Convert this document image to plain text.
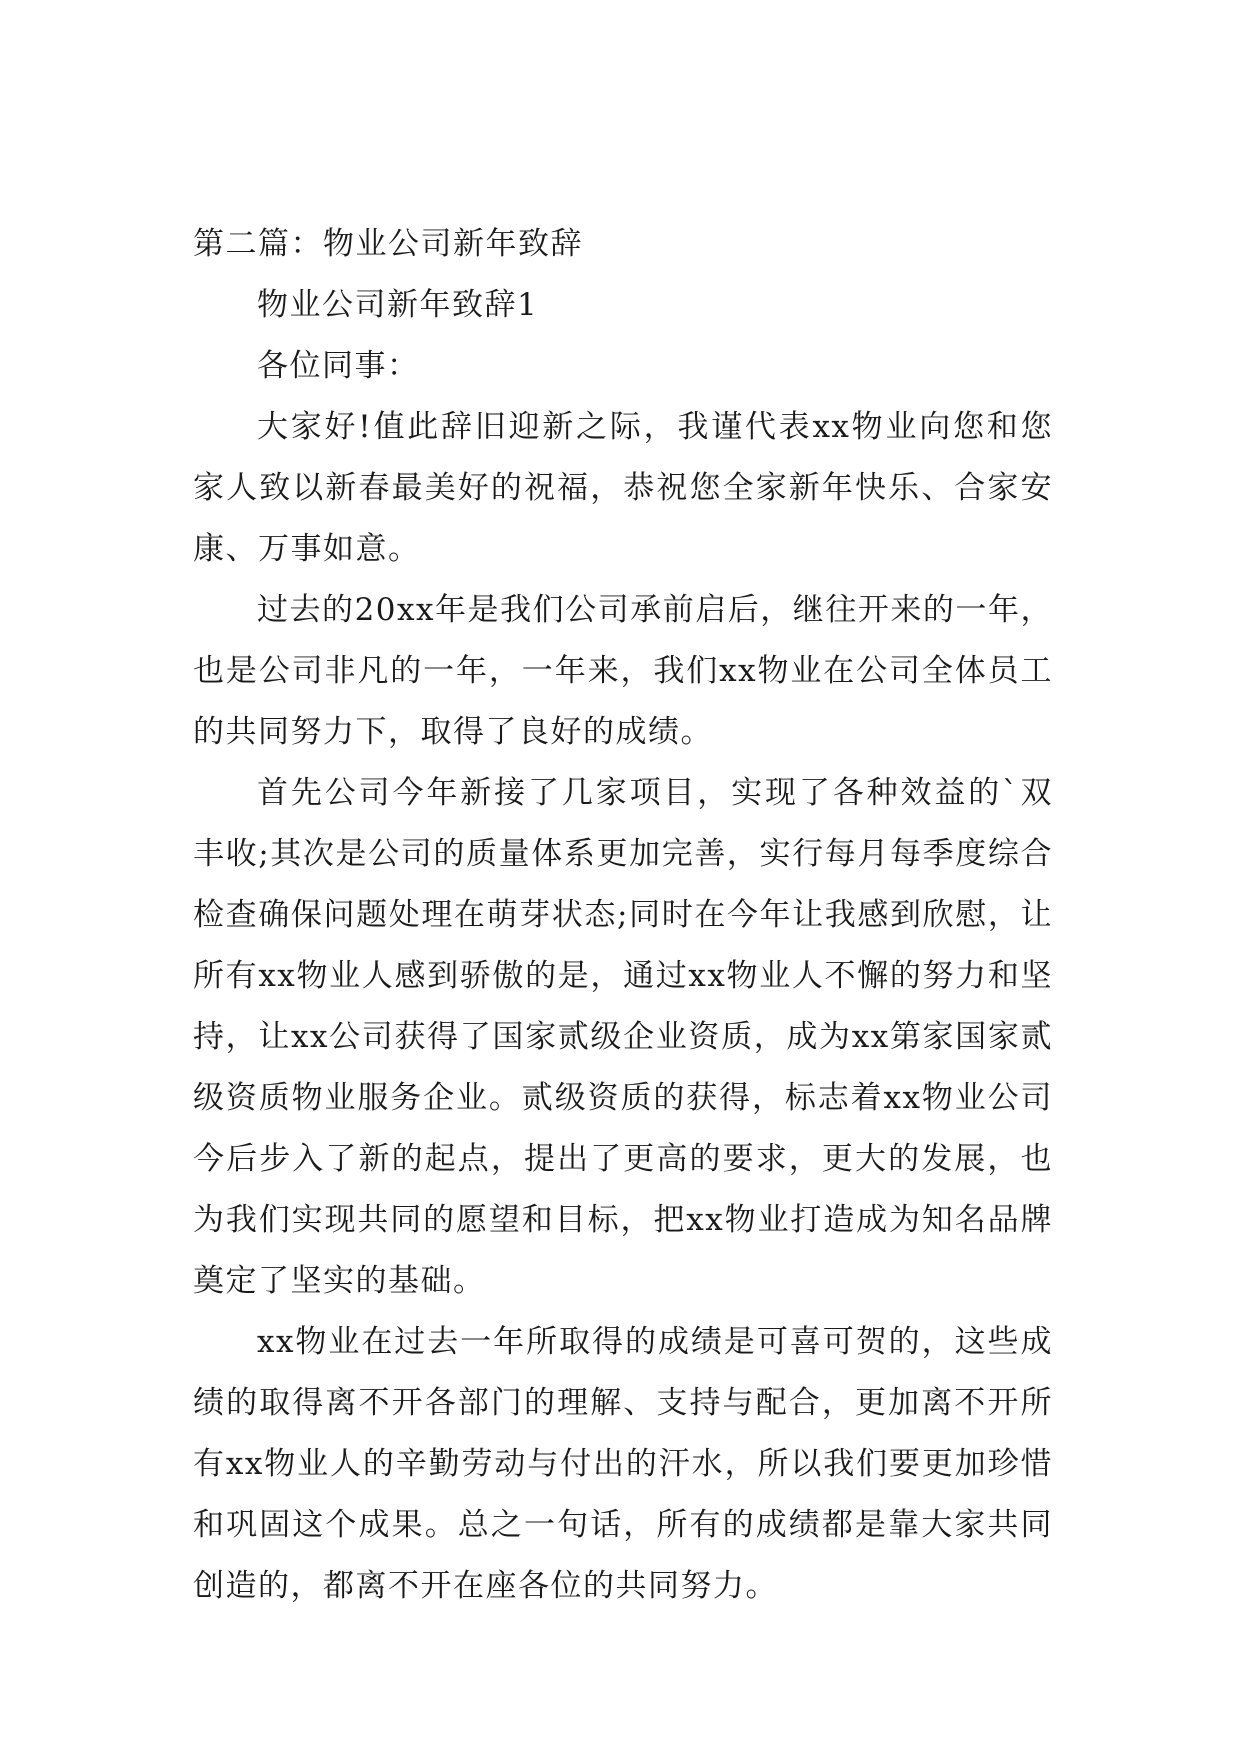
第二篇：物业公司新年致辞

物业公司新年致辞1

各位同事：

大家好!值此辞旧迎新之际，我谨代表xx物业向您和您家人致以新春最美好的祝福，恭祝您全家新年快乐、合家安康、万事如意。

过去的20xx年是我们公司承前启后，继往开来的一年，也是公司非凡的一年，一年来，我们xx物业在公司全体员工的共同努力下，取得了良好的成绩。

首先公司今年新接了几家项目，实现了各种效益的`双丰收;其次是公司的质量体系更加完善，实行每月每季度综合检查确保问题处理在萌芽状态;同时在今年让我感到欣慰，让所有xx物业人感到骄傲的是，通过xx物业人不懈的努力和坚持，让xx公司获得了国家贰级企业资质，成为xx第家国家贰级资质物业服务企业。贰级资质的获得，标志着xx物业公司今后步入了新的起点，提出了更高的要求，更大的发展，也为我们实现共同的愿望和目标，把xx物业打造成为知名品牌奠定了坚实的基础。

xx物业在过去一年所取得的成绩是可喜可贺的，这些成绩的取得离不开各部门的理解、支持与配合，更加离不开所有xx物业人的辛勤劳动与付出的汗水，所以我们要更加珍惜和巩固这个成果。总之一句话，所有的成绩都是靠大家共同创造的，都离不开在座各位的共同努力。
